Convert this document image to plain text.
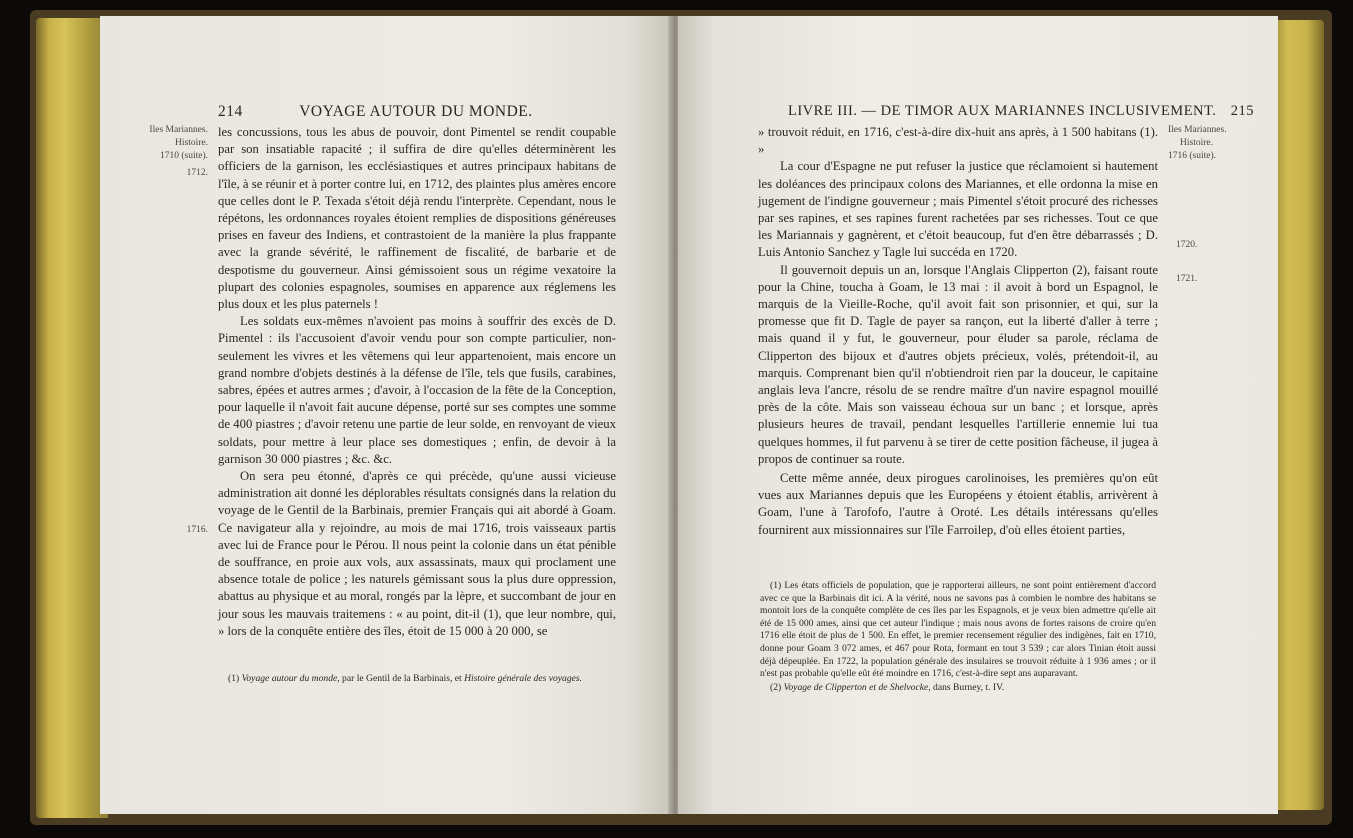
214	VOYAGE AUTOUR DU MONDE.
Iles Mariannes.
Histoire.
1710 (suite).
1712.
1716.

les concussions, tous les abus de pouvoir, dont Pimentel se rendit coupable par son insatiable rapacité ; il suffira de dire qu'elles déterminèrent les officiers de la garnison, les ecclésiastiques et autres principaux habitans de l'île, à se réunir et à porter contre lui, en 1712, des plaintes plus amères encore que celles dont le P. Texada s'étoit déjà rendu l'interprète. Cependant, nous le répétons, les ordonnances royales étoient remplies de dispositions généreuses prises en faveur des Indiens, et contrastoient de la manière la plus frappante avec la grande sévérité, le raffinement de fiscalité, de barbarie et de despotisme du gouverneur. Ainsi gémissoient sous un régime vexatoire la plupart des colonies espagnoles, soumises en apparence aux réglemens les plus doux et les plus paternels !

Les soldats eux-mêmes n'avoient pas moins à souffrir des excès de D. Pimentel : ils l'accusoient d'avoir vendu pour son compte particulier, non-seulement les vivres et les vêtemens qui leur appartenoient, mais encore un grand nombre d'objets destinés à la défense de l'île, tels que fusils, carabines, sabres, épées et autres armes ; d'avoir, à l'occasion de la fête de la Conception, pour laquelle il n'avoit fait aucune dépense, porté sur ses comptes une somme de 400 piastres ; d'avoir retenu une partie de leur solde, en renvoyant de vieux soldats, pour mettre à leur place ses domestiques ; enfin, de devoir à la garnison 30 000 piastres ; &c. &c.

On sera peu étonné, d'après ce qui précède, qu'une aussi vicieuse administration ait donné les déplorables résultats consignés dans la relation du voyage de le Gentil de la Barbinais, premier Français qui ait abordé à Goam. Ce navigateur alla y rejoindre, au mois de mai 1716, trois vaisseaux partis avec lui de France pour le Pérou. Il nous peint la colonie dans un état pénible de souffrance, en proie aux vols, aux assassinats, maux qui proclament une absence totale de police ; les naturels gémissant sous la plus dure oppression, abattus au physique et au moral, rongés par la lèpre, et succombant de jour en jour sous les mauvais traitemens : « au point, dit-il (1), que leur nombre, qui, » lors de la conquête entière des îles, étoit de 15 000 à 20 000, se

(1) Voyage autour du monde, par le Gentil de la Barbinais, et Histoire générale des voyages.

LIVRE III. — DE TIMOR AUX MARIANNES INCLUSIVEMENT. 215

» trouvoit réduit, en 1716, c'est-à-dire dix-huit ans après, à 1 500 habitans (1). »

La cour d'Espagne ne put refuser la justice que réclamoient si hautement les doléances des principaux colons des Mariannes, et elle ordonna la mise en jugement de l'indigne gouverneur ; mais Pimentel s'étoit procuré des richesses par ses rapines, et ses rapines furent rachetées par ses richesses. Tout ce que les Mariannais y gagnèrent, et c'étoit beaucoup, fut d'en être débarrassés ; D. Luis Antonio Sanchez y Tagle lui succéda en 1720.

Il gouvernoit depuis un an, lorsque l'Anglais Clipperton (2), faisant route pour la Chine, toucha à Goam, le 13 mai : il avoit à bord un Espagnol, le marquis de la Vieille-Roche, qu'il avoit fait son prisonnier, et qui, sur la promesse que fit D. Tagle de payer sa rançon, eut la liberté d'aller à terre ; mais quand il y fut, le gouverneur, pour éluder sa parole, réclama de Clipperton des bijoux et d'autres objets précieux, volés, prétendoit-il, au marquis. Comprenant bien qu'il n'obtiendroit rien par la douceur, le capitaine anglais leva l'ancre, résolu de se rendre maître d'un navire espagnol mouillé près de la côte. Mais son vaisseau échoua sur un banc ; et lorsque, après plusieurs heures de travail, pendant lesquelles l'artillerie ennemie lui tua quelques hommes, il fut parvenu à se tirer de cette position fâcheuse, il jugea à propos de continuer sa route.

Cette même année, deux pirogues carolinoises, les premières qu'on eût vues aux Mariannes depuis que les Européens y étoient établis, arrivèrent à Goam, l'une à Tarofofo, l'autre à Oroté. Les détails intéressans qu'elles fournirent aux missionnaires sur l'île Farroilep, d'où elles étoient parties,

Iles Mariannes.
Histoire.
1716 (suite).
1720.
1721.

(1) Les états officiels de population, que je rapporterai ailleurs, ne sont point entièrement d'accord avec ce que la Barbinais dit ici. A la vérité, nous ne savons pas à combien le nombre des habitans se montoit lors de la conquête complète de ces îles par les Espagnols, et je veux bien admettre qu'elle ait été de 15 000 ames, ainsi que cet auteur l'indique ; mais nous avons de fortes raisons de croire qu'en 1716 elle étoit de plus de 1 500. En effet, le premier recensement régulier des indigènes, fait en 1710, donne pour Goam 3 072 ames, et 467 pour Rota, formant en tout 3 539 ; car alors Tinian étoit aussi déjà dépeuplée. En 1722, la population générale des insulaires se trouvoit réduite à 1 936 ames ; or il n'est pas probable qu'elle eût été moindre en 1716, c'est-à-dire sept ans auparavant.

(2) Voyage de Clipperton et de Shelvocke, dans Burney, t. IV.
